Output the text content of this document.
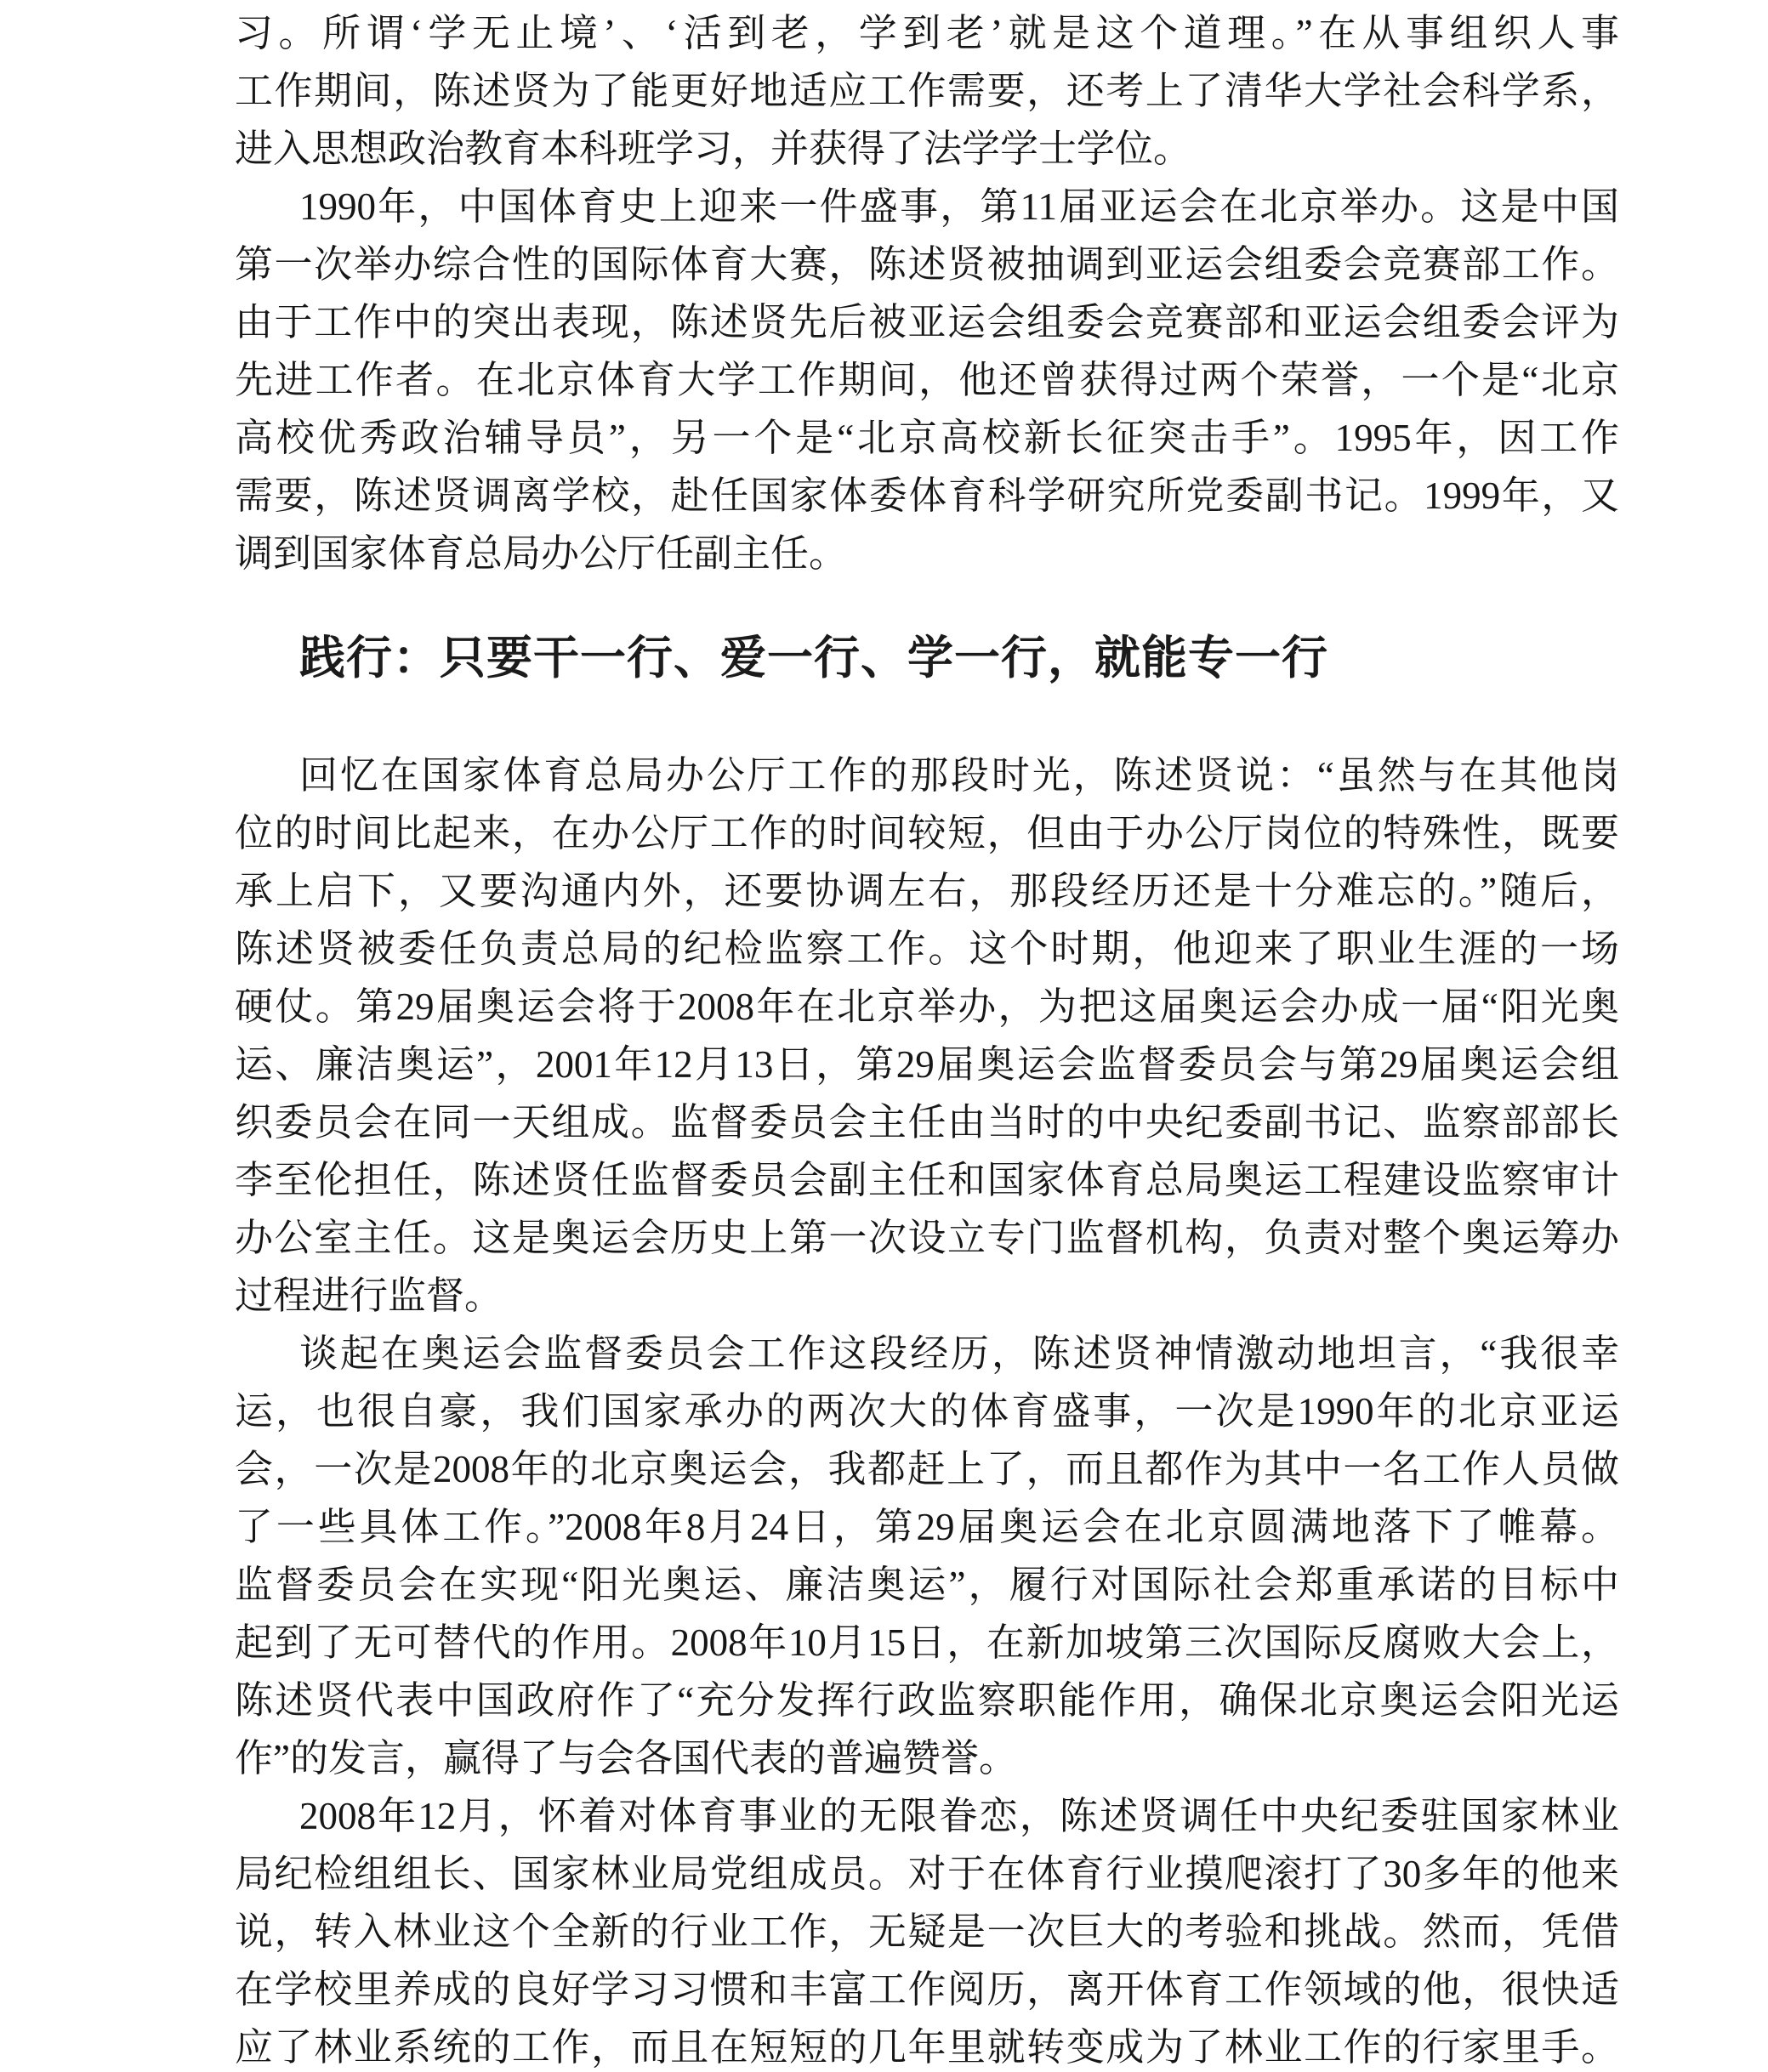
习。所谓‘学无止境’、‘活到老，学到老’就是这个道理。”在从事组织人事
工作期间，陈述贤为了能更好地适应工作需要，还考上了清华大学社会科学系，
进入思想政治教育本科班学习，并获得了法学学士学位。
1990年，中国体育史上迎来一件盛事，第11届亚运会在北京举办。这是中国
第一次举办综合性的国际体育大赛，陈述贤被抽调到亚运会组委会竞赛部工作。
由于工作中的突出表现，陈述贤先后被亚运会组委会竞赛部和亚运会组委会评为
先进工作者。在北京体育大学工作期间，他还曾获得过两个荣誉，一个是“北京
高校优秀政治辅导员”，另一个是“北京高校新长征突击手”。1995年，因工作
需要，陈述贤调离学校，赴任国家体委体育科学研究所党委副书记。1999年，又
调到国家体育总局办公厅任副主任。
践行：只要干一行、爱一行、学一行，就能专一行
回忆在国家体育总局办公厅工作的那段时光，陈述贤说：“虽然与在其他岗
位的时间比起来，在办公厅工作的时间较短，但由于办公厅岗位的特殊性，既要
承上启下，又要沟通内外，还要协调左右，那段经历还是十分难忘的。”随后，
陈述贤被委任负责总局的纪检监察工作。这个时期，他迎来了职业生涯的一场
硬仗。第29届奥运会将于2008年在北京举办，为把这届奥运会办成一届“阳光奥
运、廉洁奥运”，2001年12月13日，第29届奥运会监督委员会与第29届奥运会组
织委员会在同一天组成。监督委员会主任由当时的中央纪委副书记、监察部部长
李至伦担任，陈述贤任监督委员会副主任和国家体育总局奥运工程建设监察审计
办公室主任。这是奥运会历史上第一次设立专门监督机构，负责对整个奥运筹办
过程进行监督。
谈起在奥运会监督委员会工作这段经历，陈述贤神情激动地坦言，“我很幸
运，也很自豪，我们国家承办的两次大的体育盛事，一次是1990年的北京亚运
会，一次是2008年的北京奥运会，我都赶上了，而且都作为其中一名工作人员做
了一些具体工作。”2008年8月24日，第29届奥运会在北京圆满地落下了帷幕。
监督委员会在实现“阳光奥运、廉洁奥运”，履行对国际社会郑重承诺的目标中
起到了无可替代的作用。2008年10月15日，在新加坡第三次国际反腐败大会上，
陈述贤代表中国政府作了“充分发挥行政监察职能作用，确保北京奥运会阳光运
作”的发言，赢得了与会各国代表的普遍赞誉。
2008年12月，怀着对体育事业的无限眷恋，陈述贤调任中央纪委驻国家林业
局纪检组组长、国家林业局党组成员。对于在体育行业摸爬滚打了30多年的他来
说，转入林业这个全新的行业工作，无疑是一次巨大的考验和挑战。然而，凭借
在学校里养成的良好学习习惯和丰富工作阅历，离开体育工作领域的他，很快适
应了林业系统的工作，而且在短短的几年里就转变成为了林业工作的行家里手。
